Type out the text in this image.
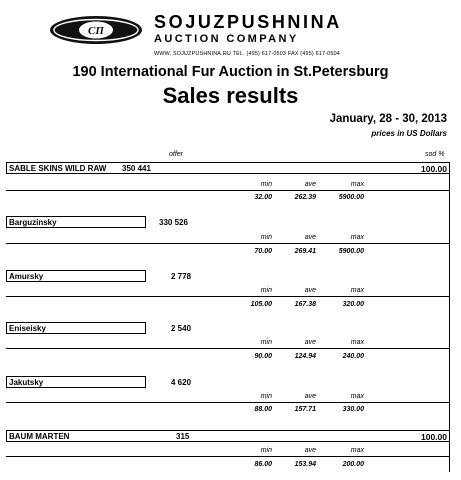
СП	SOJUZPUSHNINA
AUCTION COMPANY
WWW. SOJUZPUSHNINA.RU TEL. (495) 617-0503 FAX (495) 617-0504
190 International Fur Auction in St.Petersburg
Sales results
January, 28 - 30, 2013
prices in US Dollars
offer	sod %
SABLE SKINS WILD RAW 350 441	100.00
min	ave	max
32.00	262.39	5900.00
Barguzinsky	330 526
min	ave	max
70.00	269.41	5900.00
Amursky	2 778
min	ave	max
105.00	167.38	320.00
Eniseisky	2 540
min	ave	max
90.00	124.94	240.00
Jakutsky	4 620
min	ave	max
88.00	157.71	330.00
BAUM MARTEN	315	100.00
min	ave	max
86.00	153.94	200.00
